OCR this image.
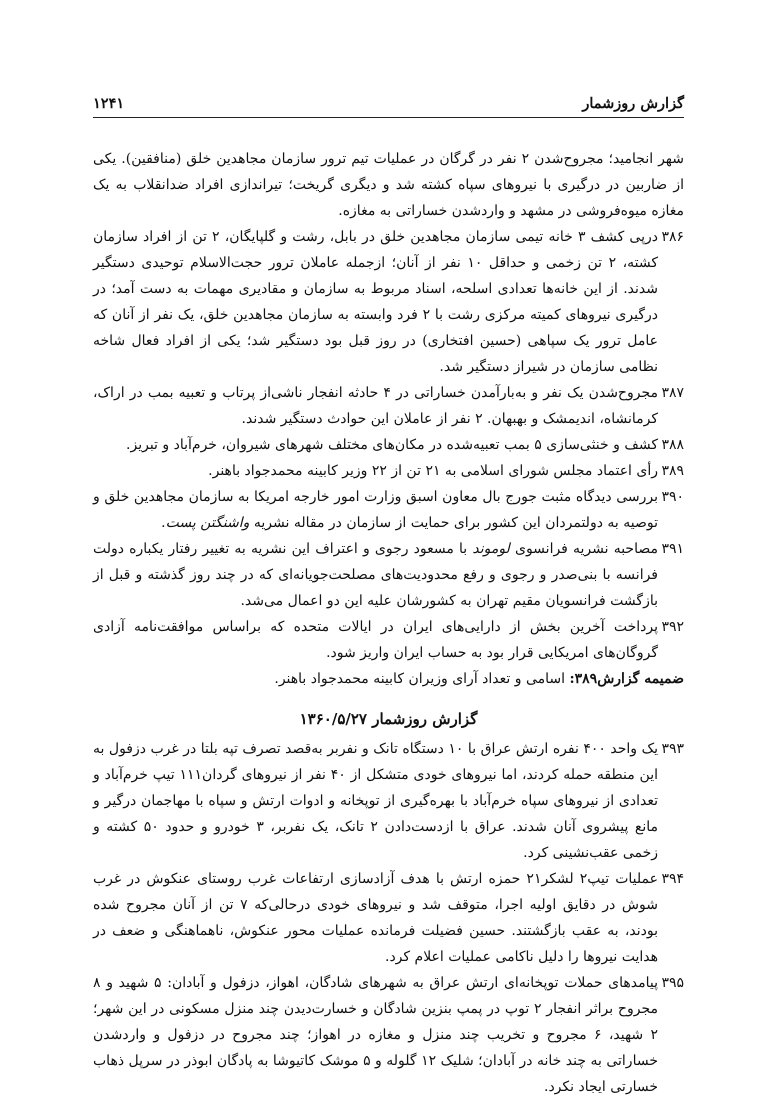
گزارش روزشمار
۱۲۴۱

شهر انجامید؛ مجروح‌شدن ۲ نفر در گرگان در عملیات تیم ترور سازمان مجاهدین خلق (منافقین). یکی از ضاربین در درگیری با نیروهای سپاه کشته شد و دیگری گریخت؛ تیراندازی افراد ضدانقلاب به یک مغازه میوه‌فروشی در مشهد و واردشدن خساراتی به مغازه.

۳۸۶

درپی کشف ۳ خانه تیمی سازمان مجاهدین خلق در بابل، رشت و گلپایگان، ۲ تن از افراد سازمان کشته، ۲ تن زخمی و حداقل ۱۰ نفر از آنان؛ ازجمله عاملان ترور حجت‌الاسلام توحیدی دستگیر شدند. از این خانه‌ها تعدادی اسلحه، اسناد مربوط به سازمان و مقادیری مهمات به دست آمد؛ در درگیری نیروهای کمیته مرکزی رشت با ۲ فرد وابسته به سازمان مجاهدین خلق، یک نفر از آنان که عامل ترور یک سپاهی (حسین افتخاری) در روز قبل بود دستگیر شد؛ یکی از افراد فعال شاخه نظامی سازمان در شیراز دستگیر شد.

۳۸۷

مجروح‌شدن یک نفر و به‌بارآمدن خساراتی در ۴ حادثه انفجار ناشی‌از پرتاب و تعبیه بمب در اراک، کرمانشاه، اندیمشک و بهبهان. ۲ نفر از عاملان این حوادث دستگیر شدند.

۳۸۸

کشف و خنثی‌سازی ۵ بمب تعبیه‌شده در مکان‌های مختلف شهرهای شیروان، خرم‌آباد و تبریز.

۳۸۹

رأی اعتماد مجلس شورای اسلامی به ۲۱ تن از ۲۲ وزیر کابینه محمدجواد باهنر.

۳۹۰

بررسی دیدگاه مثبت جورج بال معاون اسبق وزارت امور خارجه امریکا به سازمان مجاهدین خلق و توصیه به دولتمردان این کشور برای حمایت از سازمان در مقاله نشریه واشنگتن پست.

۳۹۱

مصاحبه نشریه فرانسوی لوموند با مسعود رجوی و اعتراف این نشریه به تغییر رفتار یکباره دولت فرانسه با بنی‌صدر و رجوی و رفع محدودیت‌های مصلحت‌جویانه‌ای که در چند روز گذشته و قبل از بازگشت فرانسویان مقیم تهران به کشورشان علیه این دو اعمال می‌شد.

۳۹۲

پرداخت آخرین بخش از دارایی‌های ایران در ایالات متحده که براساس موافقت‌نامه آزادی گروگان‌های امریکایی قرار بود به حساب ایران واریز شود.

ضمیمه گزارش۳۸۹: اسامی و تعداد آرای وزیران کابینه محمدجواد باهنر.

گزارش روزشمار ۱۳۶۰/۵/۲۷
۳۹۳

یک واحد ۴۰۰ نفره ارتش عراق با ۱۰ دستگاه تانک و نفربر به‌قصد تصرف تپه بلتا در غرب دزفول به این منطقه حمله کردند، اما نیروهای خودی متشکل از ۴۰ نفر از نیروهای گردان۱۱۱ تیپ خرم‌آباد و تعدادی از نیروهای سپاه خرم‌آباد با بهره‌گیری از توپخانه و ادوات ارتش و سپاه با مهاجمان درگیر و مانع پیشروی آنان شدند. عراق با ازدست‌دادن ۲ تانک، یک نفربر، ۳ خودرو و حدود ۵۰ کشته و زخمی عقب‌نشینی کرد.

۳۹۴

عملیات تیپ۲ لشکر۲۱ حمزه ارتش با هدف آزادسازی ارتفاعات غرب روستای عنکوش در غرب شوش در دقایق اولیه اجرا، متوقف شد و نیروهای خودی درحالی‌که ۷ تن از آنان مجروح شده بودند، به عقب بازگشتند. حسین فضیلت فرمانده عملیات محور عنکوش، ناهماهنگی و ضعف در هدایت نیروها را دلیل ناکامی عملیات اعلام کرد.

۳۹۵

پیامدهای حملات توپخانه‌ای ارتش عراق به شهرهای شادگان، اهواز، دزفول و آبادان: ۵ شهید و ۸ مجروح براثر انفجار ۲ توپ در پمپ بنزین شادگان و خسارت‌دیدن چند منزل مسکونی در این شهر؛ ۲ شهید، ۶ مجروح و تخریب چند منزل و مغازه در اهواز؛ چند مجروح در دزفول و واردشدن خساراتی به چند خانه در آبادان؛ شلیک ۱۲ گلوله و ۵ موشک کاتیوشا به پادگان ابوذر در سرپل ذهاب خسارتی ایجاد نکرد.
